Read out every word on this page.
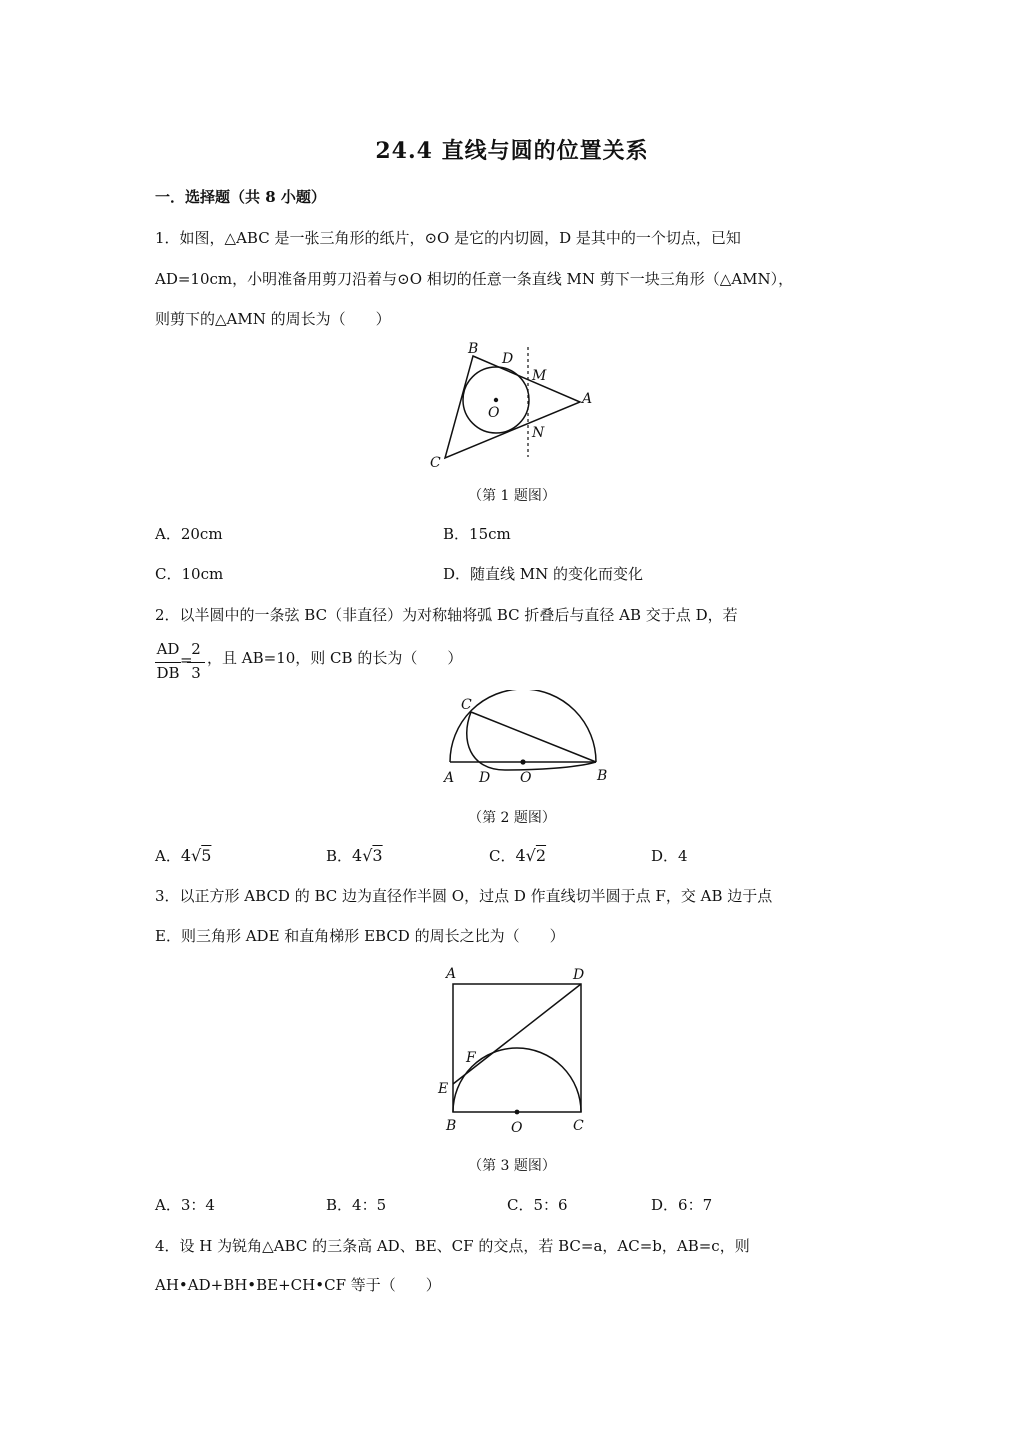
24.4 直线与圆的位置关系
一．选择题（共 8 小题）
1．如图，△ABC 是一张三角形的纸片，⊙O 是它的内切圆，D 是其中的一个切点，已知
AD=10cm，小明准备用剪刀沿着与⊙O 相切的任意一条直线 MN 剪下一块三角形（△AMN），
则剪下的△AMN 的周长为（　　）
B
D
M
A
O
N
C
（第 1 题图）
A．20cm	B．15cm
C．10cm	D．随直线 MN 的变化而变化
2．以半圆中的一条弦 BC（非直径）为对称轴将弧 BC 折叠后与直径 AB 交于点 D，若
AD
DB
=
2
3
，且 AB=10，则 CB 的长为（　　）
C
A D O	B
（第 2 题图）
A．4√5	B．4√3	C．4√2	D．4
3．以正方形 ABCD 的 BC 边为直径作半圆 O，过点 D 作直线切半圆于点 F，交 AB 边于点
E．则三角形 ADE 和直角梯形 EBCD 的周长之比为（　　）
A	D
F
E
B	O	C
（第 3 题图）
A．3：4	B．4：5	C．5：6	D．6：7
4．设 H 为锐角△ABC 的三条高 AD、BE、CF 的交点，若 BC=a，AC=b，AB=c，则
AH•AD+BH•BE+CH•CF 等于（　　）
